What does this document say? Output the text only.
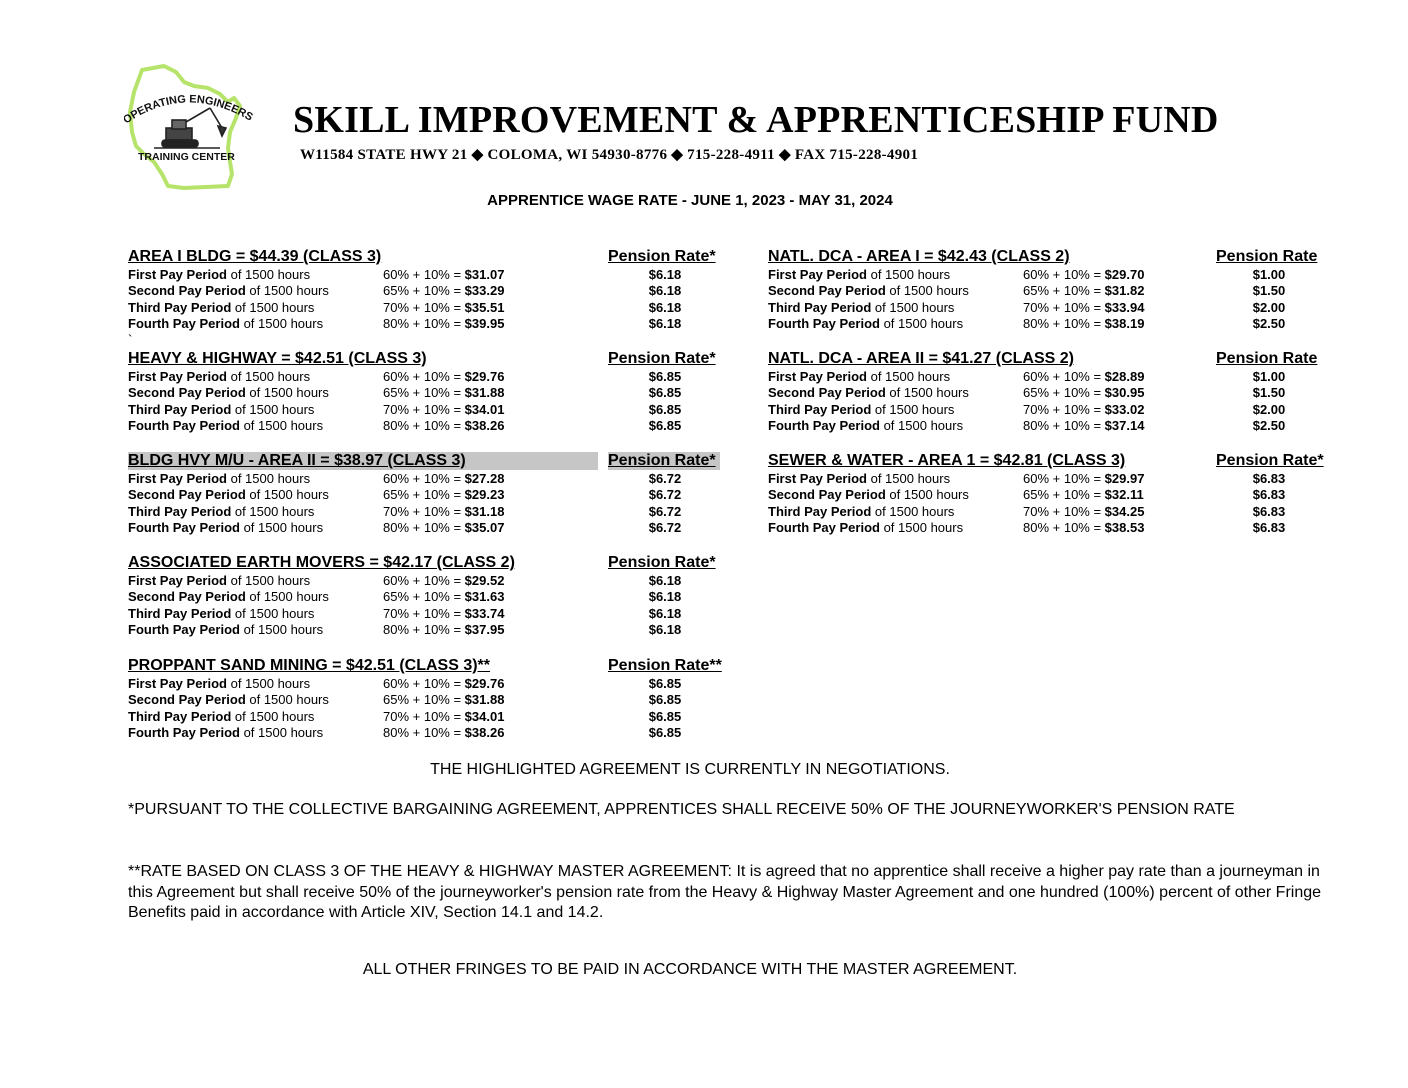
PERATING ENGINEERS
TRAINING CENTER
SKILL IMPROVEMENT & APPRENTICESHIP FUND
W11584 STATE HWY 21 ◆ COLOMA, WI 54930-8776 ◆ 715-228-4911 ◆ FAX 715-228-4901
APPRENTICE WAGE RATE - JUNE 1, 2023 - MAY 31, 2024
AREA I BLDG = $44.39 (CLASS 3)	Pension Rate*
First Pay Period of 1500 hours	60% + 10% = $31.07	$6.18
Second Pay Period of 1500 hours	65% + 10% = $33.29	$6.18
Third Pay Period of 1500 hours	70% + 10% = $35.51	$6.18
Fourth Pay Period of 1500 hours	80% + 10% = $39.95	$6.18
`
HEAVY & HIGHWAY = $42.51 (CLASS 3)	Pension Rate*
First Pay Period of 1500 hours	60% + 10% = $29.76	$6.85
Second Pay Period of 1500 hours	65% + 10% = $31.88	$6.85
Third Pay Period of 1500 hours	70% + 10% = $34.01	$6.85
Fourth Pay Period of 1500 hours	80% + 10% = $38.26	$6.85
BLDG HVY M/U - AREA II = $38.97 (CLASS 3)	Pension Rate*
First Pay Period of 1500 hours	60% + 10% = $27.28	$6.72
Second Pay Period of 1500 hours	65% + 10% = $29.23	$6.72
Third Pay Period of 1500 hours	70% + 10% = $31.18	$6.72
Fourth Pay Period of 1500 hours	80% + 10% = $35.07	$6.72
ASSOCIATED EARTH MOVERS = $42.17 (CLASS 2)	Pension Rate*
First Pay Period of 1500 hours	60% + 10% = $29.52	$6.18
Second Pay Period of 1500 hours	65% + 10% = $31.63	$6.18
Third Pay Period of 1500 hours	70% + 10% = $33.74	$6.18
Fourth Pay Period of 1500 hours	80% + 10% = $37.95	$6.18
PROPPANT SAND MINING = $42.51 (CLASS 3)**	Pension Rate**
First Pay Period of 1500 hours	60% + 10% = $29.76	$6.85
Second Pay Period of 1500 hours	65% + 10% = $31.88	$6.85
Third Pay Period of 1500 hours	70% + 10% = $34.01	$6.85
Fourth Pay Period of 1500 hours	80% + 10% = $38.26	$6.85
NATL. DCA - AREA I = $42.43 (CLASS 2)	Pension Rate
First Pay Period of 1500 hours	60% + 10% = $29.70	$1.00
Second Pay Period of 1500 hours	65% + 10% = $31.82	$1.50
Third Pay Period of 1500 hours	70% + 10% = $33.94	$2.00
Fourth Pay Period of 1500 hours	80% + 10% = $38.19	$2.50
NATL. DCA - AREA II = $41.27 (CLASS 2)	Pension Rate
First Pay Period of 1500 hours	60% + 10% = $28.89	$1.00
Second Pay Period of 1500 hours	65% + 10% = $30.95	$1.50
Third Pay Period of 1500 hours	70% + 10% = $33.02	$2.00
Fourth Pay Period of 1500 hours	80% + 10% = $37.14	$2.50
SEWER & WATER - AREA 1 = $42.81 (CLASS 3)	Pension Rate*
First Pay Period of 1500 hours	60% + 10% = $29.97	$6.83
Second Pay Period of 1500 hours	65% + 10% = $32.11	$6.83
Third Pay Period of 1500 hours	70% + 10% = $34.25	$6.83
Fourth Pay Period of 1500 hours	80% + 10% = $38.53	$6.83
THE HIGHLIGHTED AGREEMENT IS CURRENTLY IN NEGOTIATIONS.
*PURSUANT TO THE COLLECTIVE BARGAINING AGREEMENT, APPRENTICES SHALL RECEIVE 50% OF THE JOURNEYWORKER'S PENSION RATE
**RATE BASED ON CLASS 3 OF THE HEAVY & HIGHWAY MASTER AGREEMENT: It is agreed that no apprentice shall receive a higher pay rate than a journeyman in this Agreement but shall receive 50% of the journeyworker's pension rate from the Heavy & Highway Master Agreement and one hundred (100%) percent of other Fringe Benefits paid in accordance with Article XIV, Section 14.1 and 14.2.
ALL OTHER FRINGES TO BE PAID IN ACCORDANCE WITH THE MASTER AGREEMENT.
